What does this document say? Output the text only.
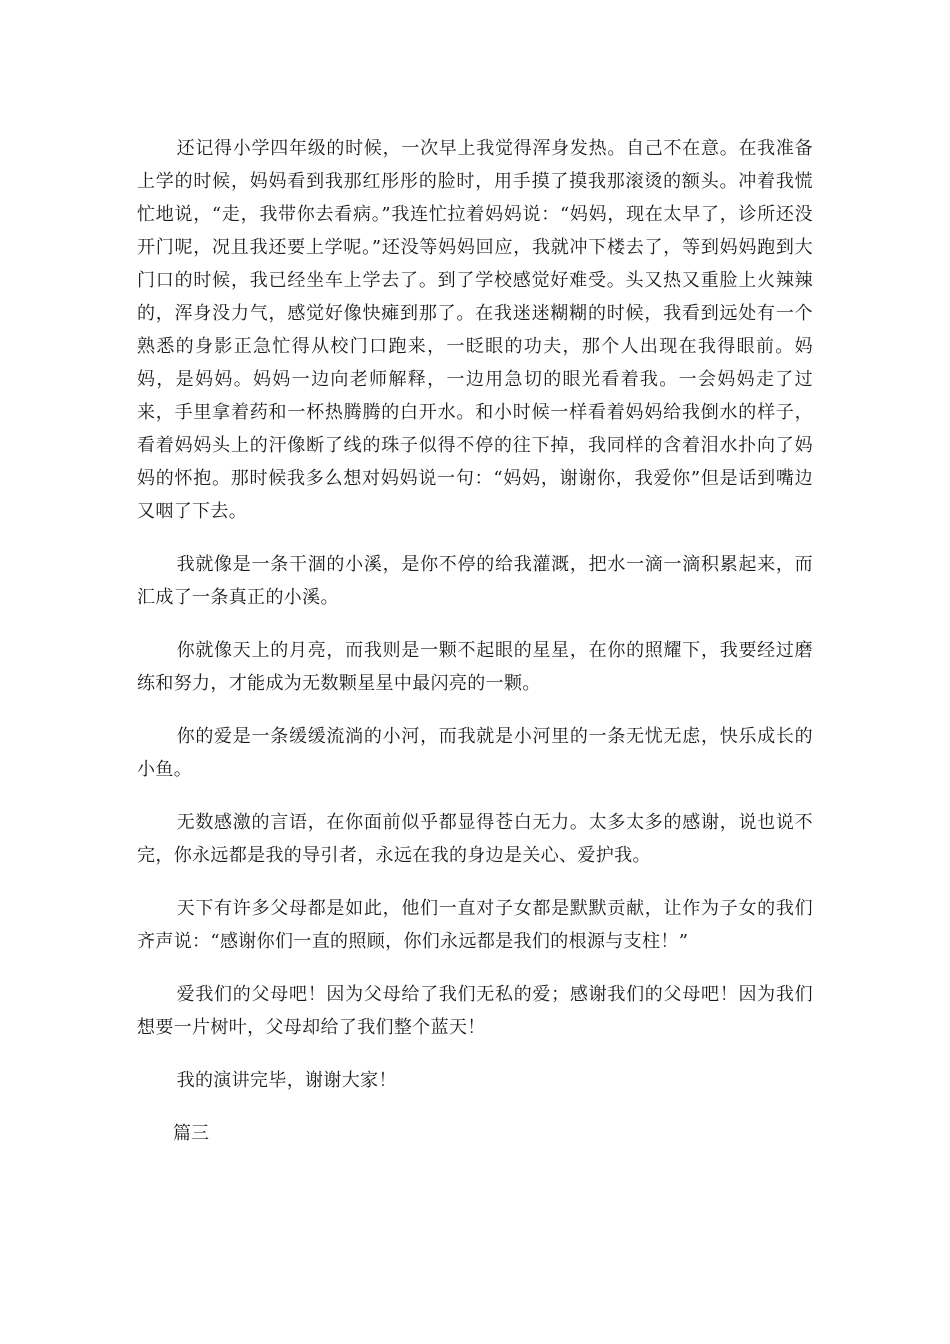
还记得小学四年级的时候，一次早上我觉得浑身发热。自己不在意。在我准备上学的时候，妈妈看到我那红彤彤的脸时，用手摸了摸我那滚烫的额头。冲着我慌忙地说，“走，我带你去看病。”我连忙拉着妈妈说：“妈妈，现在太早了，诊所还没开门呢，况且我还要上学呢。”还没等妈妈回应，我就冲下楼去了，等到妈妈跑到大门口的时候，我已经坐车上学去了。到了学校感觉好难受。头又热又重脸上火辣辣的，浑身没力气，感觉好像快瘫到那了。在我迷迷糊糊的时候，我看到远处有一个熟悉的身影正急忙得从校门口跑来，一眨眼的功夫，那个人出现在我得眼前。妈妈，是妈妈。妈妈一边向老师解释，一边用急切的眼光看着我。一会妈妈走了过来，手里拿着药和一杯热腾腾的白开水。和小时候一样看着妈妈给我倒水的样子，看着妈妈头上的汗像断了线的珠子似得不停的往下掉，我同样的含着泪水扑向了妈妈的怀抱。那时候我多么想对妈妈说一句：“妈妈，谢谢你，我爱你”但是话到嘴边又咽了下去。

我就像是一条干涸的小溪，是你不停的给我灌溉，把水一滴一滴积累起来，而汇成了一条真正的小溪。

你就像天上的月亮，而我则是一颗不起眼的星星，在你的照耀下，我要经过磨练和努力，才能成为无数颗星星中最闪亮的一颗。

你的爱是一条缓缓流淌的小河，而我就是小河里的一条无忧无虑，快乐成长的小鱼。

无数感激的言语，在你面前似乎都显得苍白无力。太多太多的感谢，说也说不完，你永远都是我的导引者，永远在我的身边是关心、爱护我。

天下有许多父母都是如此，他们一直对子女都是默默贡献，让作为子女的我们齐声说：“感谢你们一直的照顾，你们永远都是我们的根源与支柱！”

爱我们的父母吧！因为父母给了我们无私的爱；感谢我们的父母吧！因为我们想要一片树叶，父母却给了我们整个蓝天！

我的演讲完毕，谢谢大家！

篇三
